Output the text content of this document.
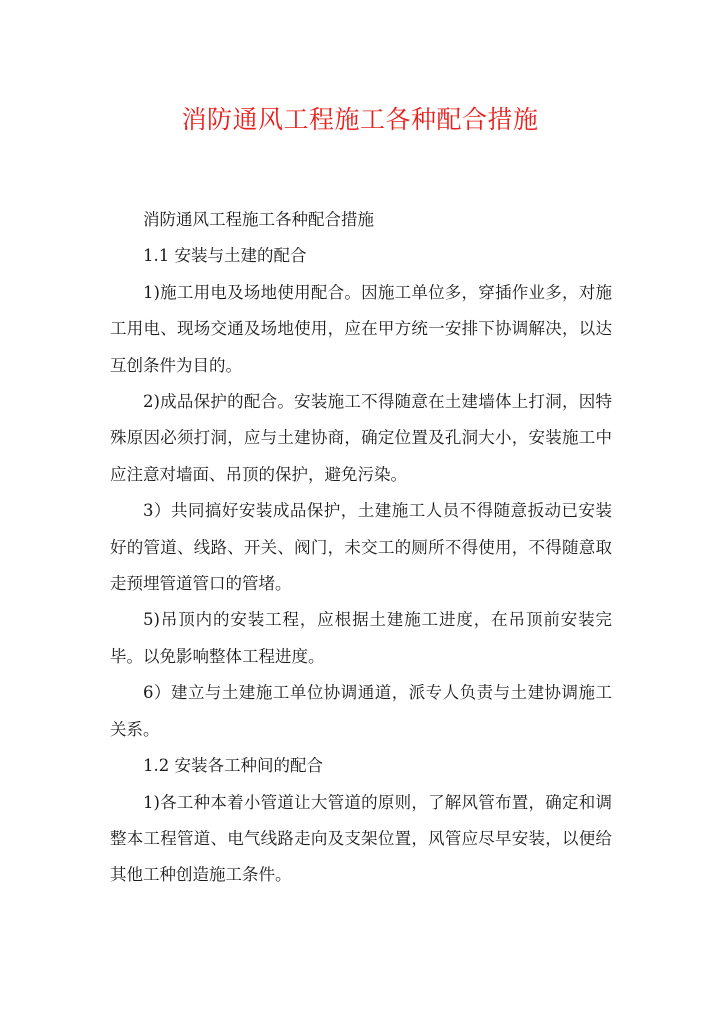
消防通风工程施工各种配合措施

消防通风工程施工各种配合措施

1.1 安装与土建的配合

1)施工用电及场地使用配合。因施工单位多，穿插作业多，对施工用电、现场交通及场地使用，应在甲方统一安排下协调解决，以达互创条件为目的。

2)成品保护的配合。安装施工不得随意在土建墙体上打洞，因特殊原因必须打洞，应与土建协商，确定位置及孔洞大小，安装施工中应注意对墙面、吊顶的保护，避免污染。

3）共同搞好安装成品保护，土建施工人员不得随意扳动已安装好的管道、线路、开关、阀门，未交工的厕所不得使用，不得随意取走预埋管道管口的管堵。

5)吊顶内的安装工程，应根据土建施工进度，在吊顶前安装完毕。以免影响整体工程进度。

6）建立与土建施工单位协调通道，派专人负责与土建协调施工关系。

1.2 安装各工种间的配合

1)各工种本着小管道让大管道的原则，了解风管布置，确定和调整本工程管道、电气线路走向及支架位置，风管应尽早安装，以便给其他工种创造施工条件。
